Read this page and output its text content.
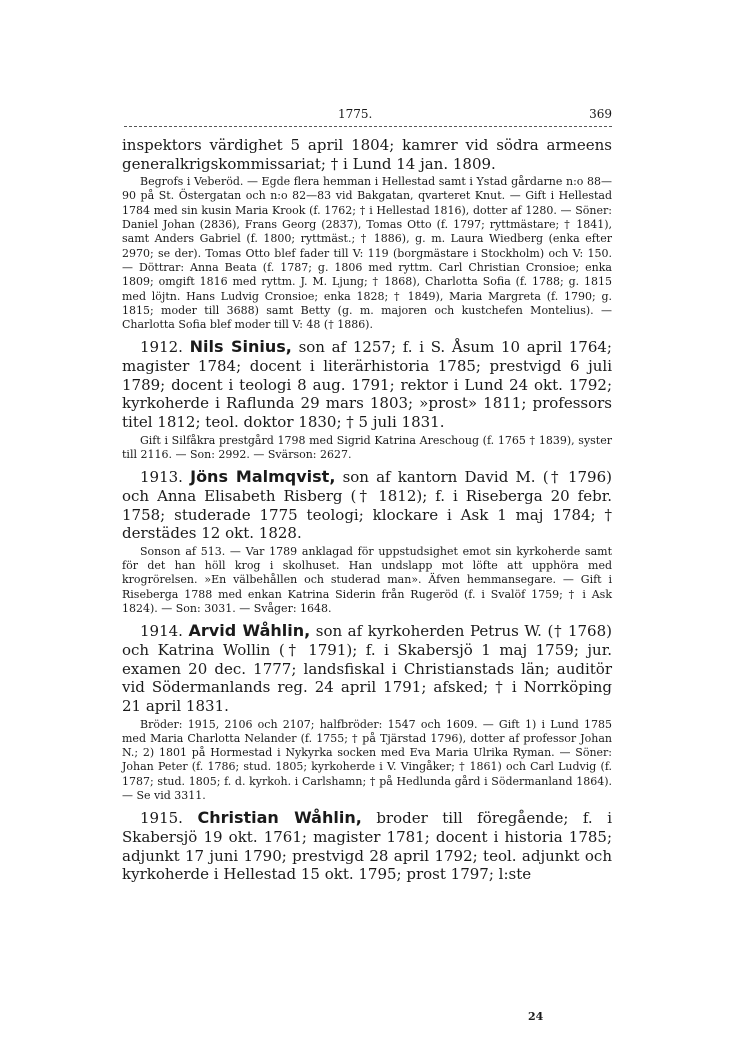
1775.	369

inspektors värdighet 5 april 1804; kamrer vid södra armeens generalkrigskommissariat; † i Lund 14 jan. 1809.

Begrofs i Veberöd. — Egde flera hemman i Hellestad samt i Ystad gårdarne n:o 88—90 på St. Östergatan och n:o 82—83 vid Bakgatan, qvarteret Knut. — Gift i Hellestad 1784 med sin kusin Maria Krook (f. 1762; † i Hellestad 1816), dotter af 1280. — Söner: Daniel Johan (2836), Frans Georg (2837), Tomas Otto (f. 1797; ryttmästare; † 1841), samt Anders Gabriel (f. 1800; ryttmäst.; † 1886), g. m. Laura Wiedberg (enka efter 2970; se der). Tomas Otto blef fader till V: 119 (borgmästare i Stockholm) och V: 150. — Döttrar: Anna Beata (f. 1787; g. 1806 med ryttm. Carl Christian Cronsioe; enka 1809; omgift 1816 med ryttm. J. M. Ljung; † 1868), Charlotta Sofia (f. 1788; g. 1815 med löjtn. Hans Ludvig Cronsioe; enka 1828; † 1849), Maria Margreta (f. 1790; g. 1815; moder till 3688) samt Betty (g. m. majoren och kustchefen Montelius). — Charlotta Sofia blef moder till V: 48 († 1886).

1912. Nils Sinius, son af 1257; f. i S. Åsum 10 april 1764; magister 1784; docent i literärhistoria 1785; prestvigd 6 juli 1789; docent i teologi 8 aug. 1791; rektor i Lund 24 okt. 1792; kyrkoherde i Raflunda 29 mars 1803; »prost» 1811; professors titel 1812; teol. doktor 1830; † 5 juli 1831.

Gift i Silfåkra prestgård 1798 med Sigrid Katrina Areschoug (f. 1765 † 1839), syster till 2116. — Son: 2992. — Svärson: 2627.

1913. Jöns Malmqvist, son af kantorn David M. († 1796) och Anna Elisabeth Risberg († 1812); f. i Riseberga 20 febr. 1758; studerade 1775 teologi; klockare i Ask 1 maj 1784; † derstädes 12 okt. 1828.

Sonson af 513. — Var 1789 anklagad för uppstudsighet emot sin kyrkoherde samt för det han höll krog i skolhuset. Han undslapp mot löfte att upphöra med krogrörelsen. »En välbehållen och studerad man». Äfven hemmansegare. — Gift i Riseberga 1788 med enkan Katrina Siderin från Rugeröd (f. i Svalöf 1759; † i Ask 1824). — Son: 3031. — Svåger: 1648.

1914. Arvid Wåhlin, son af kyrkoherden Petrus W. († 1768) och Katrina Wollin († 1791); f. i Skabersjö 1 maj 1759; jur. examen 20 dec. 1777; landsfiskal i Christianstads län; auditör vid Södermanlands reg. 24 april 1791; afsked; † i Norrköping 21 april 1831.

Bröder: 1915, 2106 och 2107; halfbröder: 1547 och 1609. — Gift 1) i Lund 1785 med Maria Charlotta Nelander (f. 1755; † på Tjärstad 1796), dotter af professor Johan N.; 2) 1801 på Hormestad i Nykyrka socken med Eva Maria Ulrika Ryman. — Söner: Johan Peter (f. 1786; stud. 1805; kyrkoherde i V. Vingåker; † 1861) och Carl Ludvig (f. 1787; stud. 1805; f. d. kyrkoh. i Carlshamn; † på Hedlunda gård i Södermanland 1864). — Se vid 3311.

1915. Christian Wåhlin, broder till föregående; f. i Skabersjö 19 okt. 1761; magister 1781; docent i historia 1785; adjunkt 17 juni 1790; prestvigd 28 april 1792; teol. adjunkt och kyrkoherde i Hellestad 15 okt. 1795; prost 1797; l:ste

24
